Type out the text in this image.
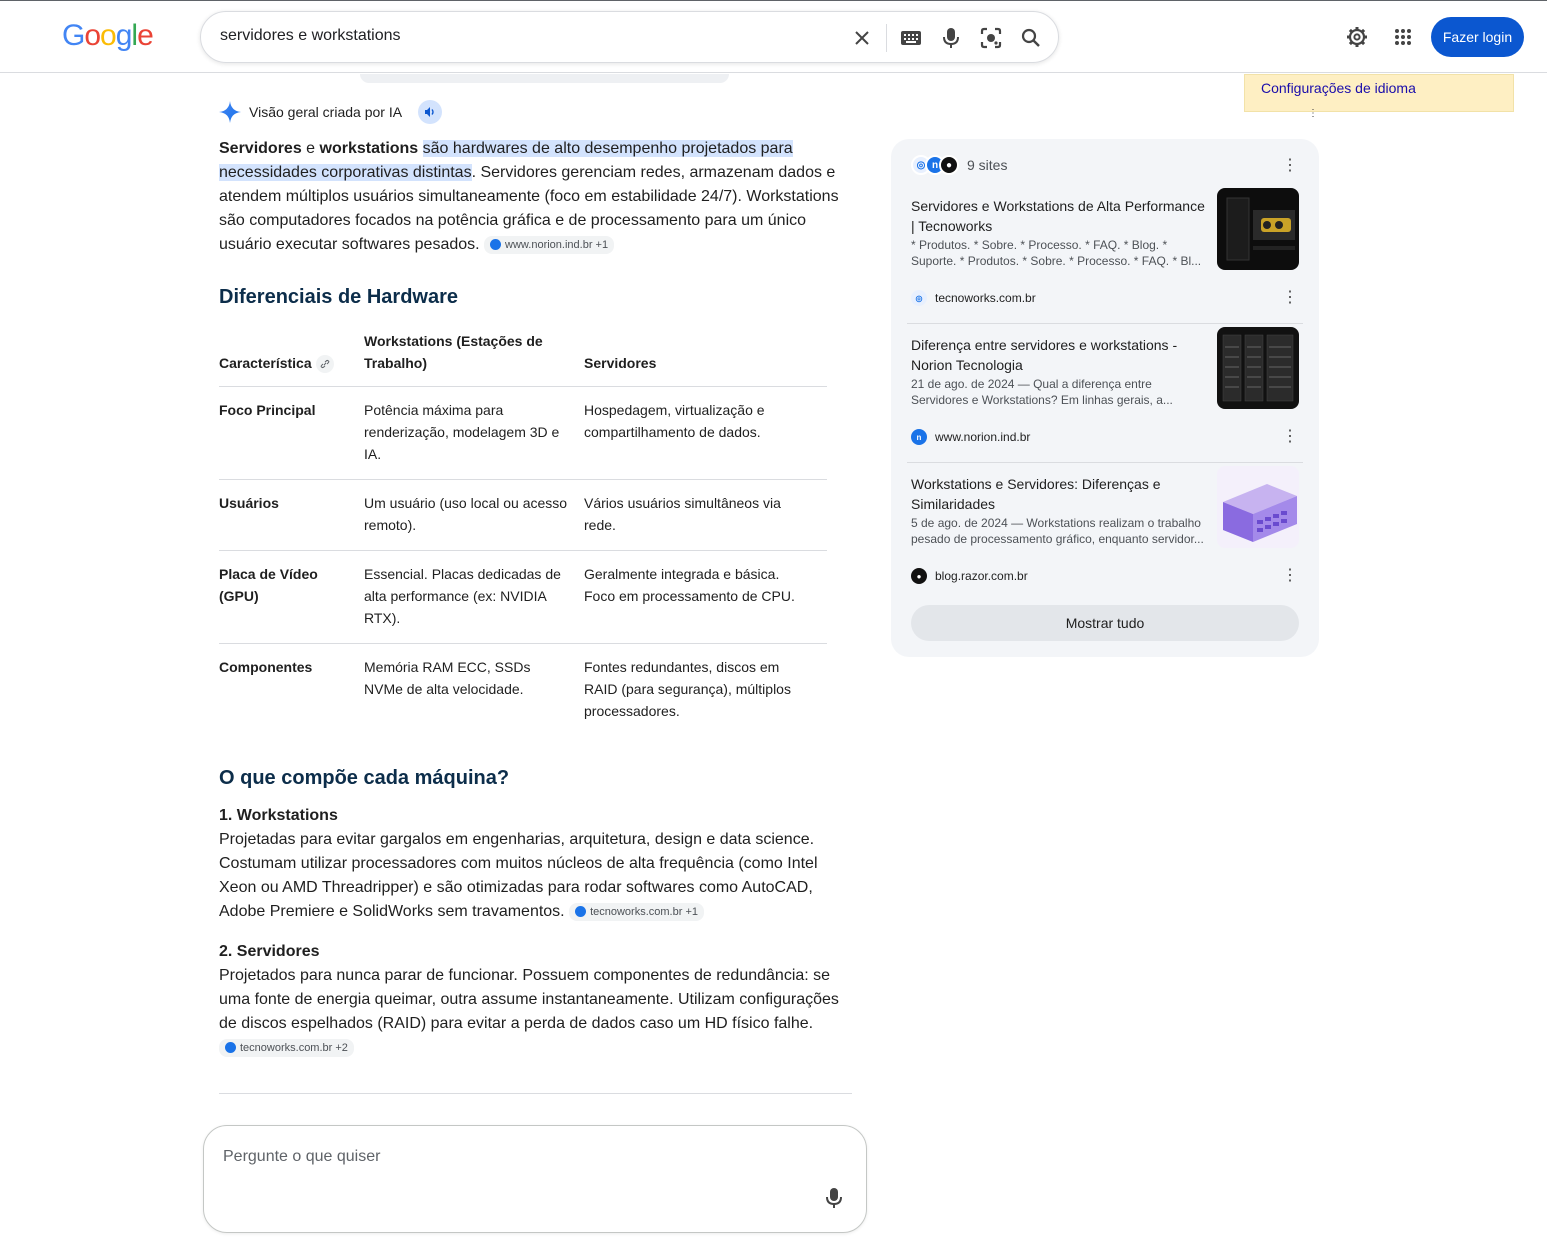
Google	servidores e workstations	Fazer login
Configurações de idioma
⋮
Visão geral criada por IA

Servidores e workstations são hardwares de alto desempenho projetados para necessidades corporativas distintas. Servidores gerenciam redes, armazenam dados e atendem múltiplos usuários simultaneamente (foco em estabilidade 24/7). Workstations são computadores focados na potência gráfica e de processamento para um único usuário executar softwares pesados. www.norion.ind.br +1

Diferenciais de Hardware
Característica	Workstations (Estações de Trabalho)	Servidores
Foco Principal	Potência máxima para renderização, modelagem 3D e IA.	Hospedagem, virtualização e compartilhamento de dados.
Usuários	Um usuário (uso local ou acesso remoto).	Vários usuários simultâneos via rede.
Placa de Vídeo (GPU)	Essencial. Placas dedicadas de alta performance (ex: NVIDIA RTX).	Geralmente integrada e básica. Foco em processamento de CPU.
Componentes	Memória RAM ECC, SSDs NVMe de alta velocidade.	Fontes redundantes, discos em RAID (para segurança), múltiplos processadores.
O que compõe cada máquina?
1. Workstations

Projetadas para evitar gargalos em engenharias, arquitetura, design e data science. Costumam utilizar processadores com muitos núcleos de alta frequência (como Intel Xeon ou AMD Threadripper) e são otimizadas para rodar softwares como AutoCAD, Adobe Premiere e SolidWorks sem travamentos. tecnoworks.com.br +1

2. Servidores

Projetados para nunca parar de funcionar. Possuem componentes de redundância: se uma fonte de energia queimar, outra assume instantaneamente. Utilizam configurações de discos espelhados (RAID) para evitar a perda de dados caso um HD físico falhe.
tecnoworks.com.br +2

Pergunte o que quiser
◎ n ●	9 sites	⋮
Servidores e Workstations de Alta Performance | Tecnoworks
* Produtos. * Sobre. * Processo. * FAQ. * Blog. * Suporte. * Produtos. * Sobre. * Processo. * FAQ. * Bl...
◎	tecnoworks.com.br	⋮
Diferença entre servidores e workstations - Norion Tecnologia
21 de ago. de 2024 — Qual a diferença entre Servidores e Workstations? Em linhas gerais, a...
n	www.norion.ind.br	⋮
Workstations e Servidores: Diferenças e Similaridades
5 de ago. de 2024 — Workstations realizam o trabalho pesado de processamento gráfico, enquanto servidor...
●	blog.razor.com.br	⋮
Mostrar tudo
